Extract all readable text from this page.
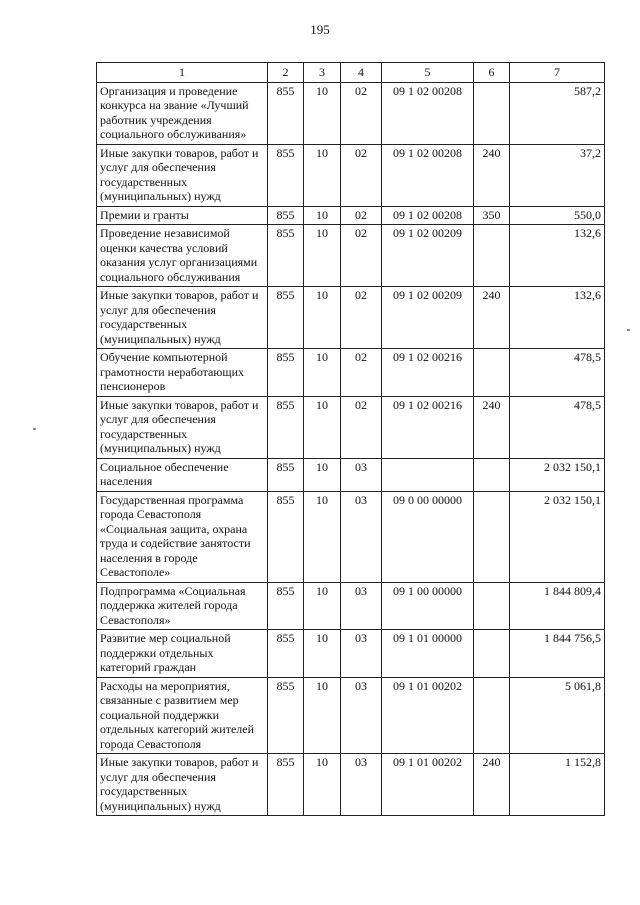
195
1	2	3	4	5	6	7
Организация и проведение конкурса на звание «Лучший работник учреждения социального обслуживания»	855	10	02	09 1 02 00208		587,2
Иные закупки товаров, работ и услуг для обеспечения государственных (муниципальных) нужд	855	10	02	09 1 02 00208	240	37,2
Премии и гранты	855	10	02	09 1 02 00208	350	550,0
Проведение независимой оценки качества условий оказания услуг организациями социального обслуживания	855	10	02	09 1 02 00209		132,6
Иные закупки товаров, работ и услуг для обеспечения государственных (муниципальных) нужд	855	10	02	09 1 02 00209	240	132,6
Обучение компьютерной грамотности неработающих пенсионеров	855	10	02	09 1 02 00216		478,5
Иные закупки товаров, работ и услуг для обеспечения государственных (муниципальных) нужд	855	10	02	09 1 02 00216	240	478,5
Социальное обеспечение населения	855	10	03			2 032 150,1
Государственная программа города Севастополя «Социальная защита, охрана труда и содействие занятости населения в городе Севастополе»	855	10	03	09 0 00 00000		2 032 150,1
Подпрограмма «Социальная поддержка жителей города Севастополя»	855	10	03	09 1 00 00000		1 844 809,4
Развитие мер социальной поддержки отдельных категорий граждан	855	10	03	09 1 01 00000		1 844 756,5
Расходы на мероприятия, связанные с развитием мер социальной поддержки отдельных категорий жителей города Севастополя	855	10	03	09 1 01 00202		5 061,8
Иные закупки товаров, работ и услуг для обеспечения государственных (муниципальных) нужд	855	10	03	09 1 01 00202	240	1 152,8
